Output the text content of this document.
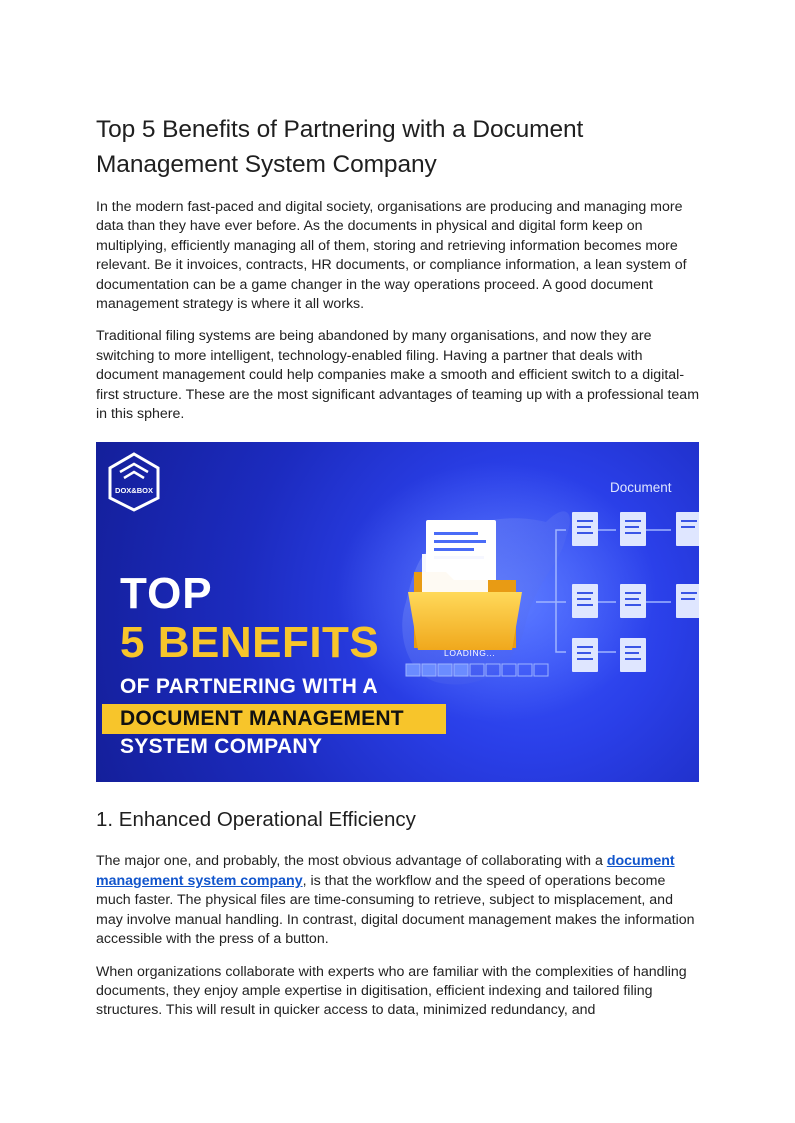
Top 5 Benefits of Partnering with a Document Management System Company

In the modern fast-paced and digital society, organisations are producing and managing more data than they have ever before. As the documents in physical and digital form keep on multiplying, efficiently managing all of them, storing and retrieving information becomes more relevant. Be it invoices, contracts, HR documents, or compliance information, a lean system of documentation can be a game changer in the way operations proceed. A good document management strategy is where it all works.

Traditional filing systems are being abandoned by many organisations, and now they are switching to more intelligent, technology-enabled filing. Having a partner that deals with document management could help companies make a smooth and efficient switch to a digital-first structure. These are the most significant advantages of teaming up with a professional team in this sphere.

DOX&BOX	Document
LOADING...
TOP
5 BENEFITS
OF PARTNERING WITH A
DOCUMENT MANAGEMENT
SYSTEM COMPANY
1. Enhanced Operational Efficiency

The major one, and probably, the most obvious advantage of collaborating with a document management system company, is that the workflow and the speed of operations become much faster. The physical files are time-consuming to retrieve, subject to misplacement, and may involve manual handling. In contrast, digital document management makes the information accessible with the press of a button.

When organizations collaborate with experts who are familiar with the complexities of handling documents, they enjoy ample expertise in digitisation, efficient indexing and tailored filing structures. This will result in quicker access to data, minimized redundancy, and
